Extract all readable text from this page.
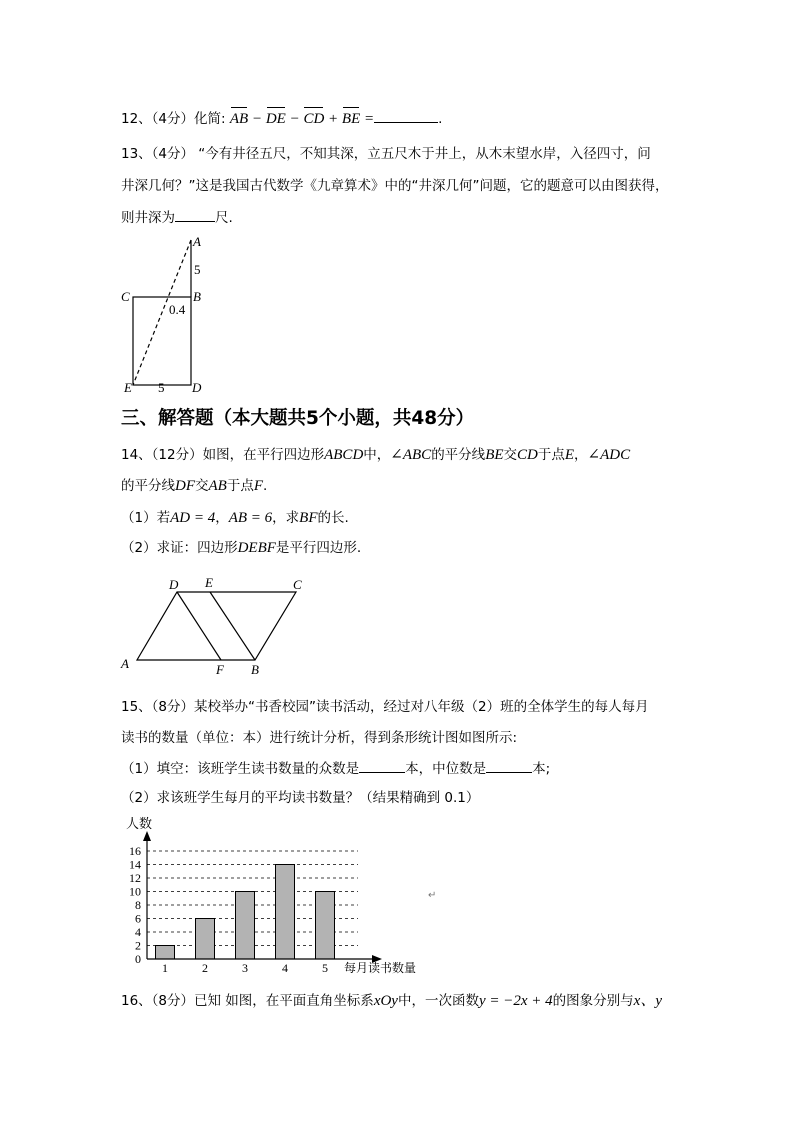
12、（4分）化简: AB − DE − CD + BE =	.
13、（4分） “今有井径五尺，不知其深，立五尺木于井上，从木末望水岸，入径四寸，问
井深几何？”这是我国古代数学《九章算术》中的“井深几何”问题，它的题意可以由图获得，
则井深为	尺.
A
5
B
C
0.4
E 5 D
三、解答题（本大题共5个小题，共48分）
14、（12分）如图，在平行四边形ABCD中，∠ABC的平分线BE交CD于点E，∠ADC
的平分线DF交AB于点F.
（1）若AD = 4，AB = 6，求BF的长.
（2）求证：四边形DEBF是平行四边形.
A	F B
D E	C
15、（8分）某校举办“书香校园”读书活动，经过对八年级（2）班的全体学生的每人每月
读书的数量（单位：本）进行统计分析，得到条形统计图如图所示:
（1）填空：该班学生读书数量的众数是	本，中位数是	本;
（2）求该班学生每月的平均读书数量？（结果精确到 0.1）
0
2
4
6
8
10
12
14
16
1	2	3	4	5
人数
每月读书数量
↵
16、（8分）已知 如图，在平面直角坐标系xOy中，一次函数y = −2x + 4的图象分别与x、y
